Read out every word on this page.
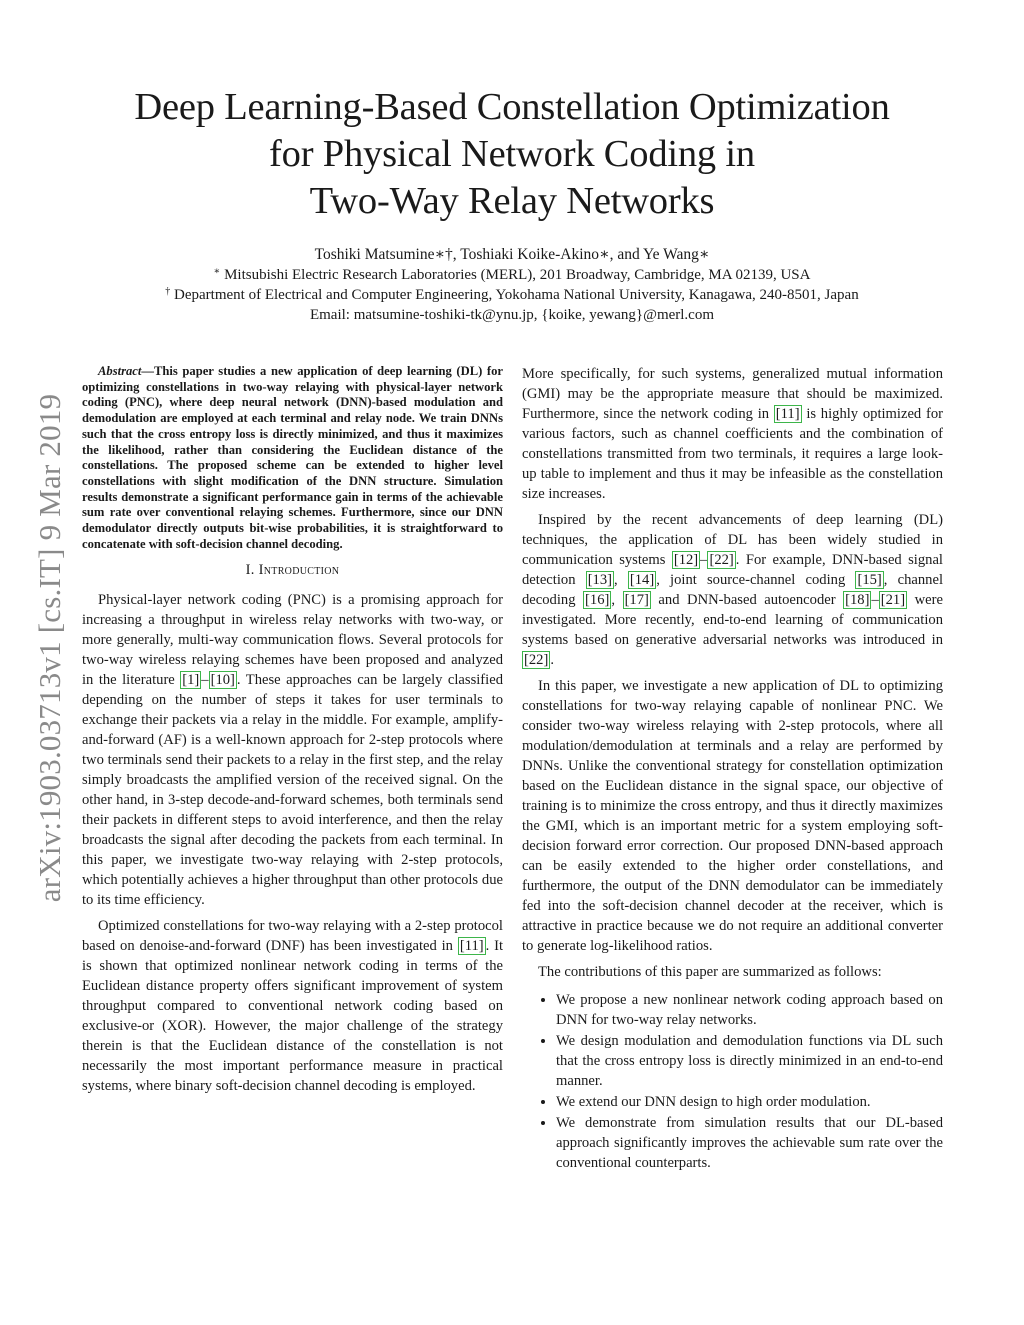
arXiv:1903.03713v1 [cs.IT] 9 Mar 2019
Deep Learning-Based Constellation Optimization
for Physical Network Coding in
Two-Way Relay Networks
Toshiki Matsumine∗†, Toshiaki Koike-Akino∗, and Ye Wang∗
∗ Mitsubishi Electric Research Laboratories (MERL), 201 Broadway, Cambridge, MA 02139, USA
† Department of Electrical and Computer Engineering, Yokohama National University, Kanagawa, 240-8501, Japan
Email: matsumine-toshiki-tk@ynu.jp, {koike, yewang}@merl.com

Abstract—This paper studies a new application of deep learning (DL) for optimizing constellations in two-way relaying with physical-layer network coding (PNC), where deep neural network (DNN)-based modulation and demodulation are employed at each terminal and relay node. We train DNNs such that the cross entropy loss is directly minimized, and thus it maximizes the likelihood, rather than considering the Euclidean distance of the constellations. The proposed scheme can be extended to higher level constellations with slight modification of the DNN structure. Simulation results demonstrate a significant performance gain in terms of the achievable sum rate over conventional relaying schemes. Furthermore, since our DNN demodulator directly outputs bit-wise probabilities, it is straightforward to concatenate with soft-decision channel decoding.

I. Introduction

Physical-layer network coding (PNC) is a promising approach for increasing a throughput in wireless relay networks with two-way, or more generally, multi-way communication flows. Several protocols for two-way wireless relaying schemes have been proposed and analyzed in the literature [1] – [10] . These approaches can be largely classified depending on the number of steps it takes for user terminals to exchange their packets via a relay in the middle. For example, amplify-and-forward (AF) is a well-known approach for 2-step protocols where two terminals send their packets to a relay in the first step, and the relay simply broadcasts the amplified version of the received signal. On the other hand, in 3-step decode-and-forward schemes, both terminals send their packets in different steps to avoid interference, and then the relay broadcasts the signal after decoding the packets from each terminal. In this paper, we investigate two-way relaying with 2-step protocols, which potentially achieves a higher throughput than other protocols due to its time efficiency.

Optimized constellations for two-way relaying with a 2-step protocol based on denoise-and-forward (DNF) has been investigated in [11] . It is shown that optimized nonlinear network coding in terms of the Euclidean distance property offers significant improvement of system throughput compared to conventional network coding based on exclusive-or (XOR). However, the major challenge of the strategy therein is that the Euclidean distance of the constellation is not necessarily the most important performance measure in practical systems, where binary soft-decision channel decoding is employed.

More specifically, for such systems, generalized mutual information (GMI) may be the appropriate measure that should be maximized. Furthermore, since the network coding in [11] is highly optimized for various factors, such as channel coefficients and the combination of constellations transmitted from two terminals, it requires a large look-up table to implement and thus it may be infeasible as the constellation size increases.

Inspired by the recent advancements of deep learning (DL) techniques, the application of DL has been widely studied in communication systems [12] – [22] . For example, DNN-based signal detection [13] , [14] , joint source-channel coding [15] , channel decoding [16] , [17] and DNN-based autoencoder [18] – [21] were investigated. More recently, end-to-end learning of communication systems based on generative adversarial networks was introduced in [22] .

In this paper, we investigate a new application of DL to optimizing constellations for two-way relaying capable of nonlinear PNC. We consider two-way wireless relaying with 2-step protocols, where all modulation/demodulation at terminals and a relay are performed by DNNs. Unlike the conventional strategy for constellation optimization based on the Euclidean distance in the signal space, our objective of training is to minimize the cross entropy, and thus it directly maximizes the GMI, which is an important metric for a system employing soft-decision forward error correction. Our proposed DNN-based approach can be easily extended to the higher order constellations, and furthermore, the output of the DNN demodulator can be immediately fed into the soft-decision channel decoder at the receiver, which is attractive in practice because we do not require an additional converter to generate log-likelihood ratios.

The contributions of this paper are summarized as follows:

• We propose a new nonlinear network coding approach based on DNN for two-way relay networks.
• We design modulation and demodulation functions via DL such that the cross entropy loss is directly minimized in an end-to-end manner.
• We extend our DNN design to high order modulation.
• We demonstrate from simulation results that our DL-based approach significantly improves the achievable sum rate over the conventional counterparts.
